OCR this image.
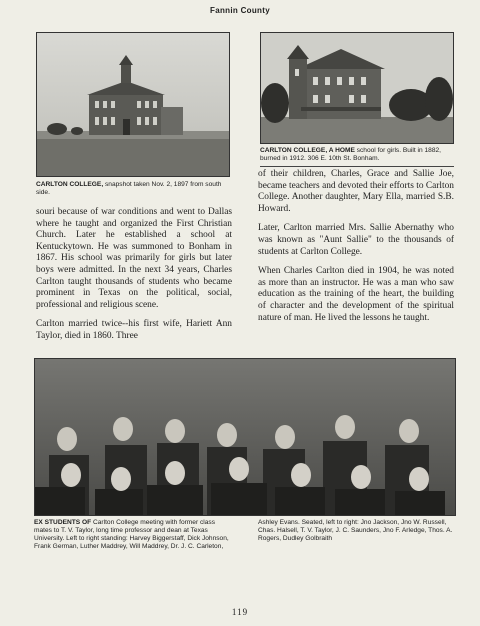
Fannin County
CARLTON COLLEGE, snapshot taken Nov. 2, 1897 from south side.
CARLTON COLLEGE, A HOME school for girls. Built in 1882, burned in 1912. 306 E. 10th St. Bonham.

souri because of war conditions and went to Dallas where he taught and organized the First Christian Church. Later he established a school at Kentuckytown. He was summoned to Bonham in 1867. His school was primarily for girls but later boys were admitted. In the next 34 years, Charles Carlton taught thousands of students who became prominent in Texas on the political, social, professional and religious scene.

Carlton married twice--his first wife, Hariett Ann Taylor, died in 1860. Three

of their children, Charles, Grace and Sallie Joe, became teachers and devoted their efforts to Carlton College. Another daughter, Mary Ella, married S.B. Howard.

Later, Carlton married Mrs. Sallie Abernathy who was known as "Aunt Sallie" to the thousands of students at Carlton College.

When Charles Carlton died in 1904, he was noted as more than an instructor. He was a man who saw education as the training of the heart, the building of character and the development of the spiritual nature of man. He lived the lessons he taught.

EX STUDENTS OF Carlton College meeting with former class mates to T. V. Taylor, long time professor and dean at Texas University. Left to right standing: Harvey Biggerstaff, Dick Johnson, Frank German, Luther Maddrey, Will Maddrey, Dr. J. C. Carleton,
Ashley Evans. Seated, left to right: Jno Jackson, Jno W. Russell, Chas. Halsell, T. V. Taylor, J. C. Saunders, Jno F. Arledge, Thos. A. Rogers, Dudley Golbraith
119
